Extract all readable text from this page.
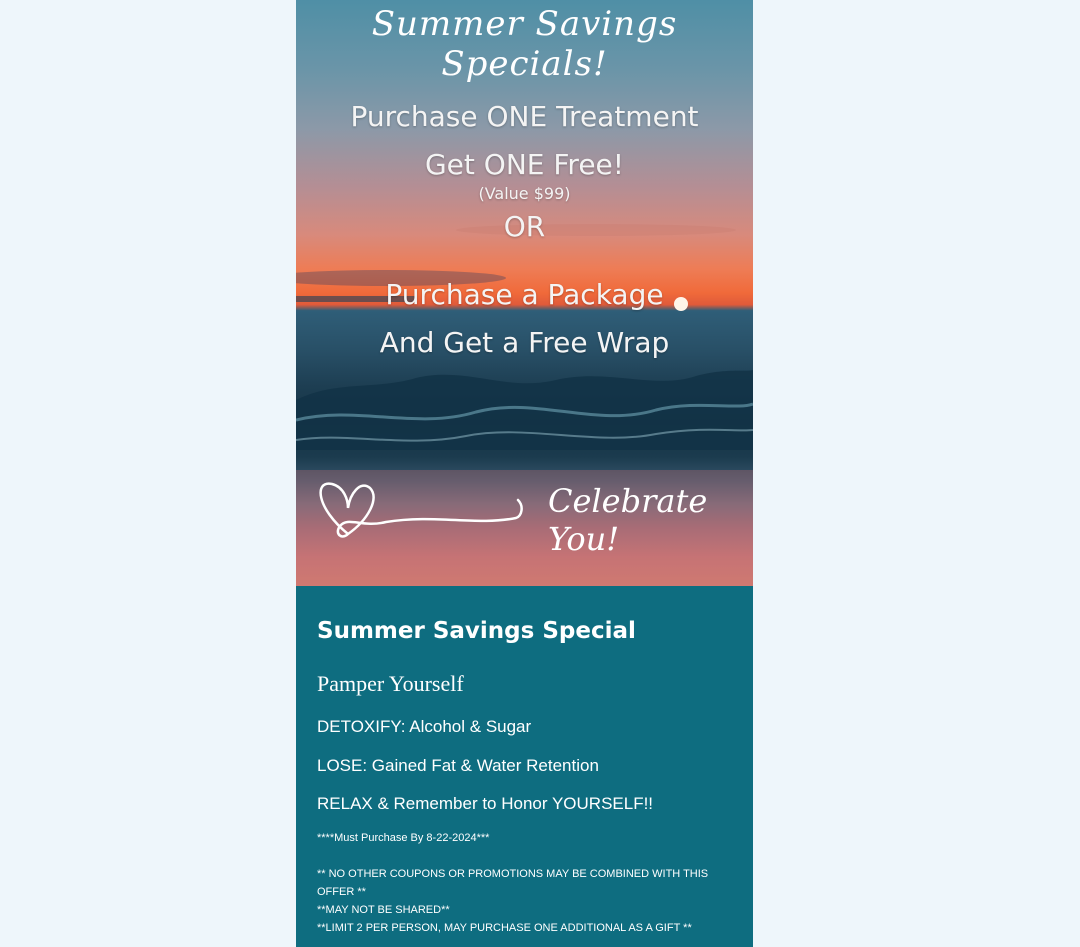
Summer Savings Specials!
Purchase ONE Treatment
Get ONE Free!
(Value $99)
OR
Purchase a Package
And Get a Free Wrap
Celebrate You!
Summer Savings Special
Pamper Yourself
DETOXIFY: Alcohol & Sugar
LOSE: Gained Fat & Water Retention
RELAX & Remember to Honor YOURSELF!!
****Must Purchase By 8-22-2024***
** NO OTHER COUPONS OR PROMOTIONS MAY BE COMBINED WITH THIS OFFER **
**MAY NOT BE SHARED**
**LIMIT 2 PER PERSON, MAY PURCHASE ONE ADDITIONAL AS A GIFT **
